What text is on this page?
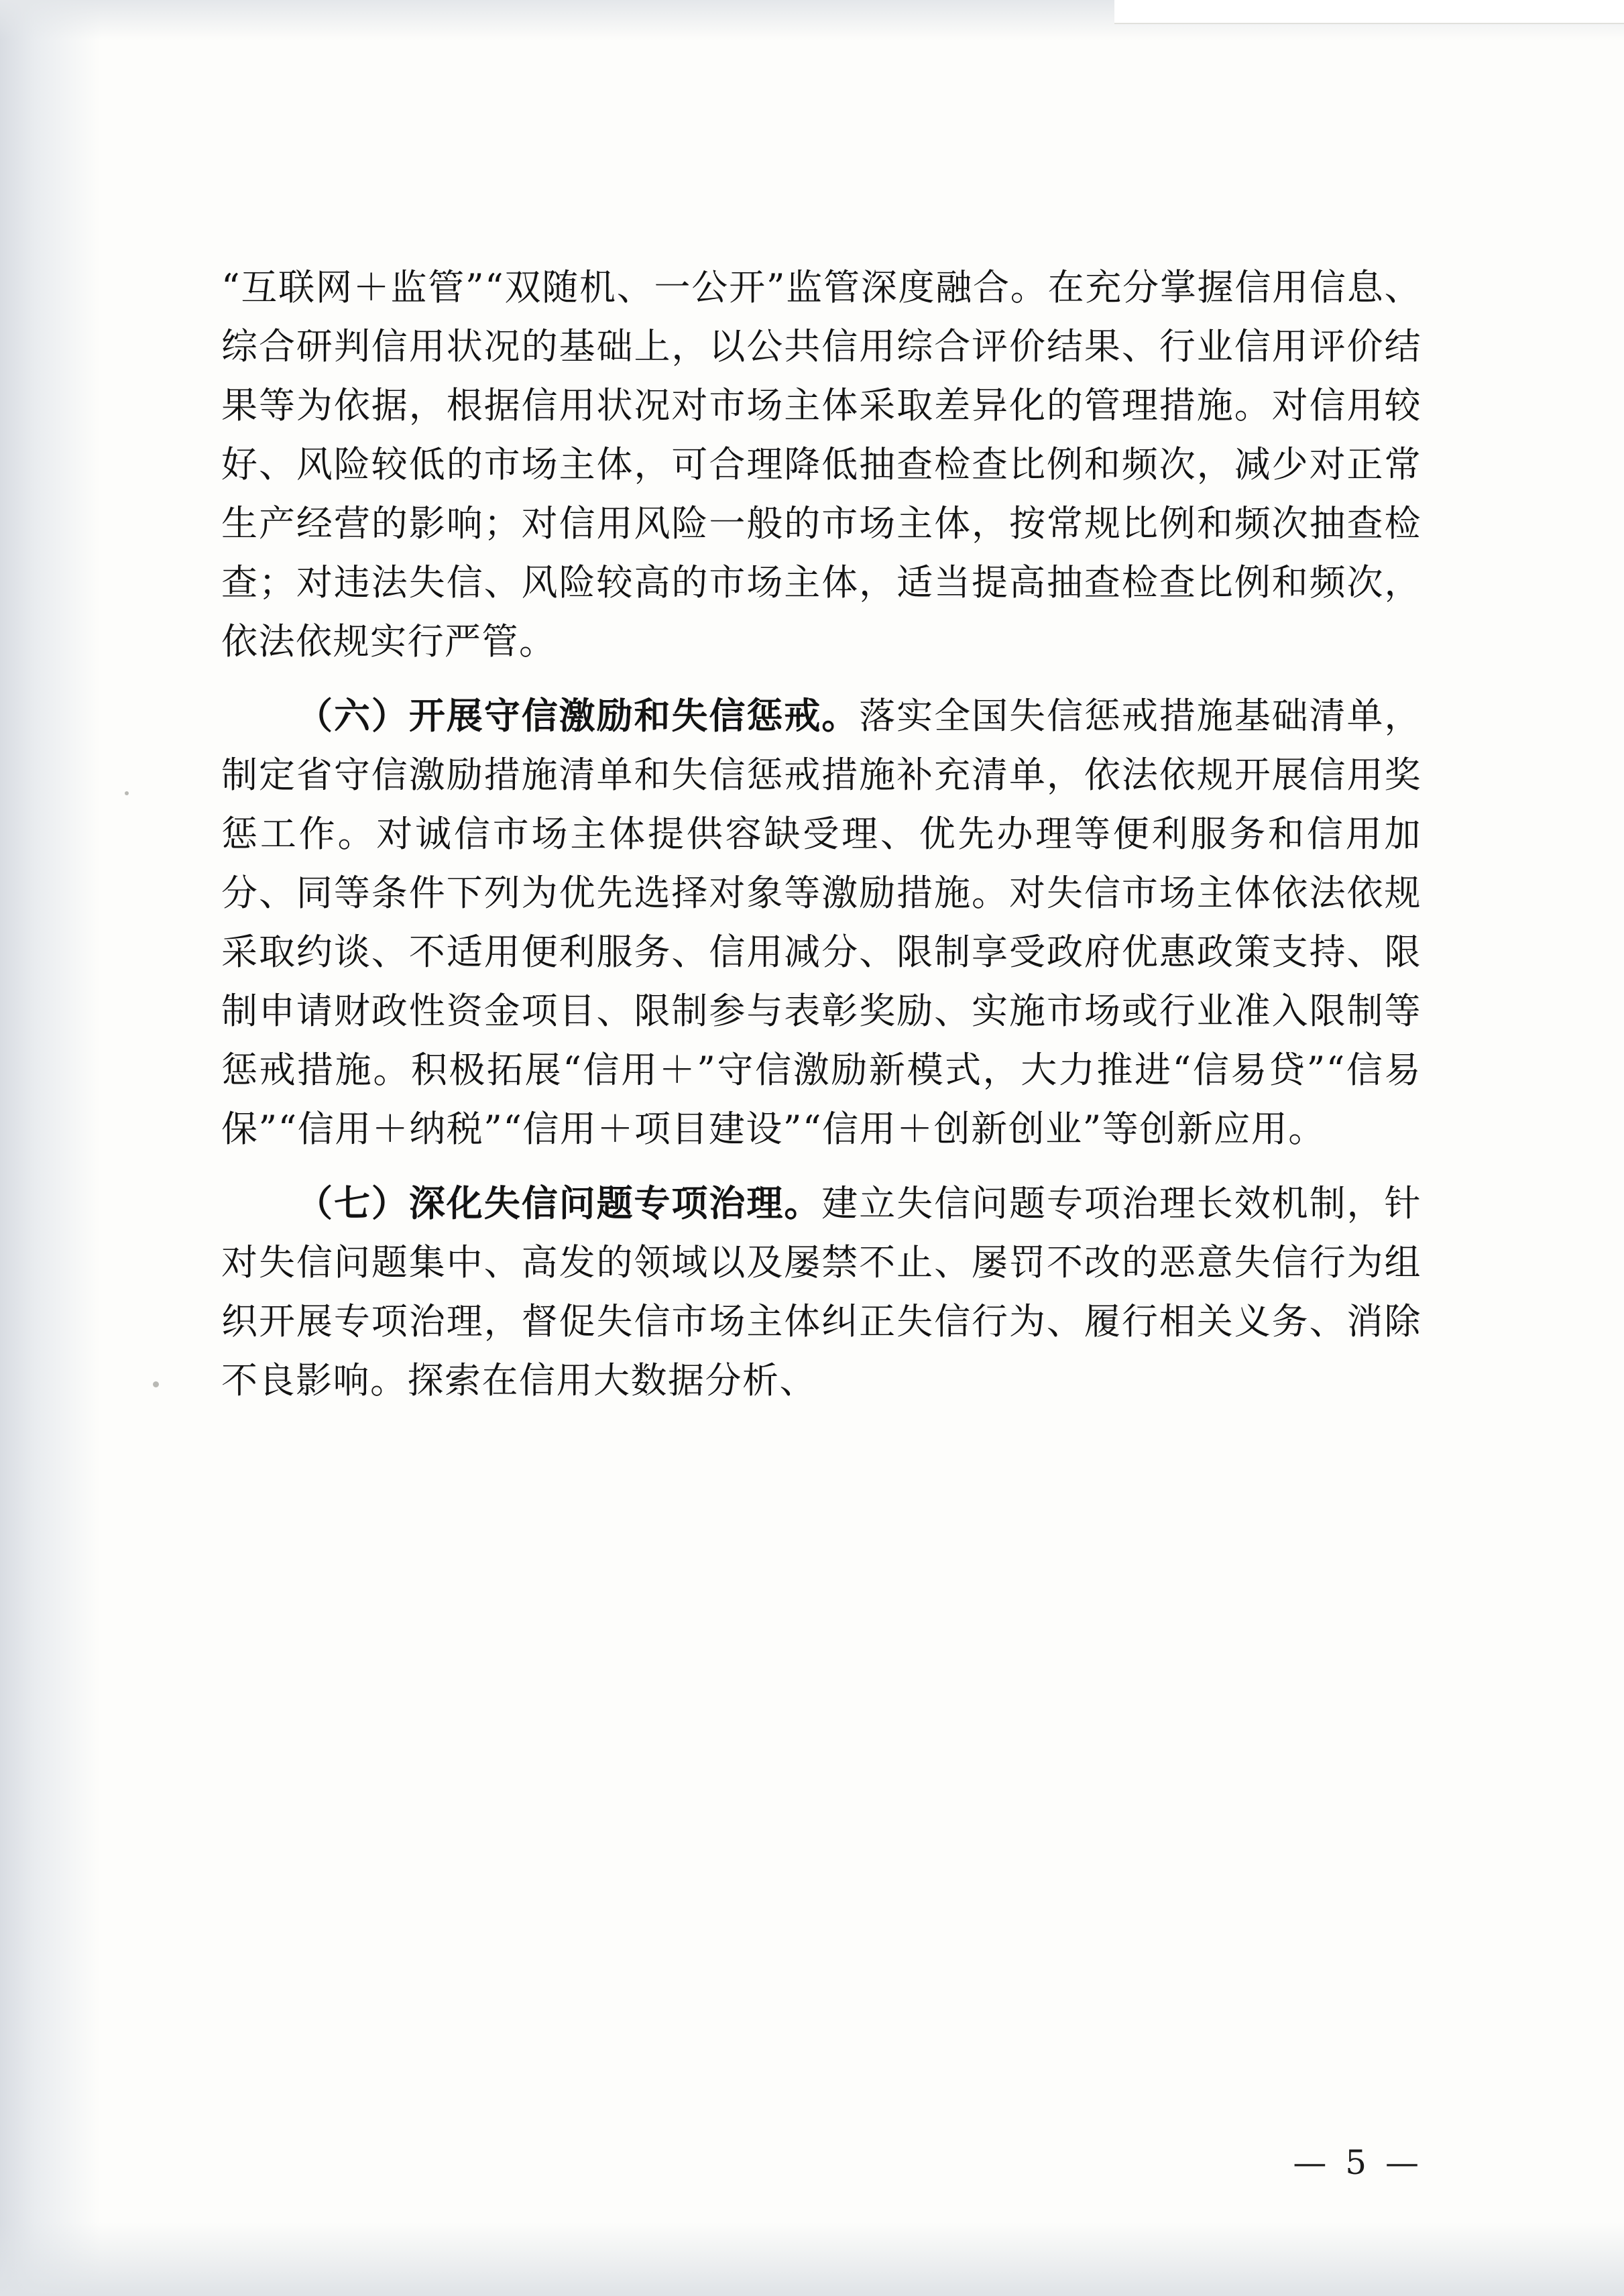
“互联网＋监管”“双随机、一公开”监管深度融合。在充分掌握信用信息、综合研判信用状况的基础上，以公共信用综合评价结果、行业信用评价结果等为依据，根据信用状况对市场主体采取差异化的管理措施。对信用较好、风险较低的市场主体，可合理降低抽查检查比例和频次，减少对正常生产经营的影响；对信用风险一般的市场主体，按常规比例和频次抽查检查；对违法失信、风险较高的市场主体，适当提高抽查检查比例和频次，依法依规实行严管。

（六）开展守信激励和失信惩戒。落实全国失信惩戒措施基础清单，制定省守信激励措施清单和失信惩戒措施补充清单，依法依规开展信用奖惩工作。对诚信市场主体提供容缺受理、优先办理等便利服务和信用加分、同等条件下列为优先选择对象等激励措施。对失信市场主体依法依规采取约谈、不适用便利服务、信用减分、限制享受政府优惠政策支持、限制申请财政性资金项目、限制参与表彰奖励、实施市场或行业准入限制等惩戒措施。积极拓展“信用＋”守信激励新模式，大力推进“信易贷”“信易保”“信用＋纳税”“信用＋项目建设”“信用＋创新创业”等创新应用。

（七）深化失信问题专项治理。建立失信问题专项治理长效机制，针对失信问题集中、高发的领域以及屡禁不止、屡罚不改的恶意失信行为组织开展专项治理，督促失信市场主体纠正失信行为、履行相关义务、消除不良影响。探索在信用大数据分析、

— 5 —
